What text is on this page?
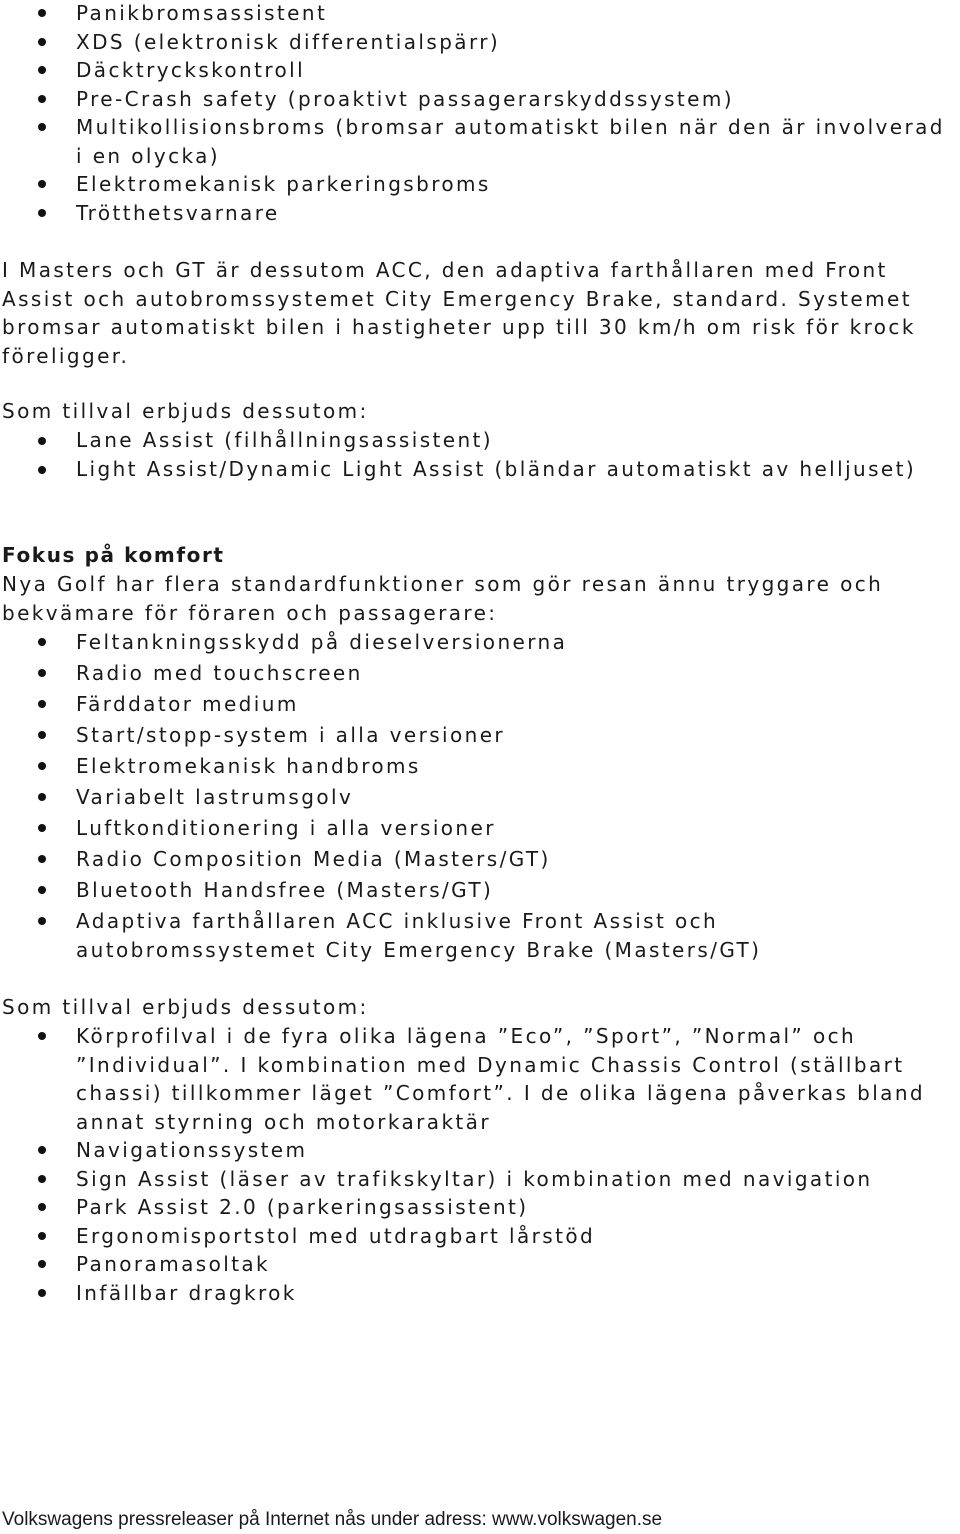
Panikbromsassistent
XDS (elektronisk differentialspärr)
Däcktryckskontroll
Pre-Crash safety (proaktivt passagerarskyddssystem)
Multikollisionsbroms (bromsar automatiskt bilen när den är involverad i en olycka)
Elektromekanisk parkeringsbroms
Trötthetsvarnare

I Masters och GT är dessutom ACC, den adaptiva farthållaren med Front Assist och autobromssystemet City Emergency Brake, standard. Systemet bromsar automatiskt bilen i hastigheter upp till 30 km/h om risk för krock föreligger.

Som tillval erbjuds dessutom:

Lane Assist (filhållningsassistent)
Light Assist/Dynamic Light Assist (bländar automatiskt av helljuset)
Fokus på komfort

Nya Golf har flera standardfunktioner som gör resan ännu tryggare och bekvämare för föraren och passagerare:

Feltankningsskydd på dieselversionerna
Radio med touchscreen
Färddator medium
Start/stopp-system i alla versioner
Elektromekanisk handbroms
Variabelt lastrumsgolv
Luftkonditionering i alla versioner
Radio Composition Media (Masters/GT)
Bluetooth Handsfree (Masters/GT)
Adaptiva farthållaren ACC inklusive Front Assist och autobromssystemet City Emergency Brake (Masters/GT)

Som tillval erbjuds dessutom:

Körprofilval i de fyra olika lägena ”Eco”, ”Sport”, ”Normal” och ”Individual”. I kombination med Dynamic Chassis Control (ställbart chassi) tillkommer läget ”Comfort”. I de olika lägena påverkas bland annat styrning och motorkaraktär
Navigationssystem
Sign Assist (läser av trafikskyltar) i kombination med navigation
Park Assist 2.0 (parkeringsassistent)
Ergonomisportstol med utdragbart lårstöd
Panoramasoltak
Infällbar dragkrok

Volkswagens pressreleaser på Internet nås under adress: www.volkswagen.se
